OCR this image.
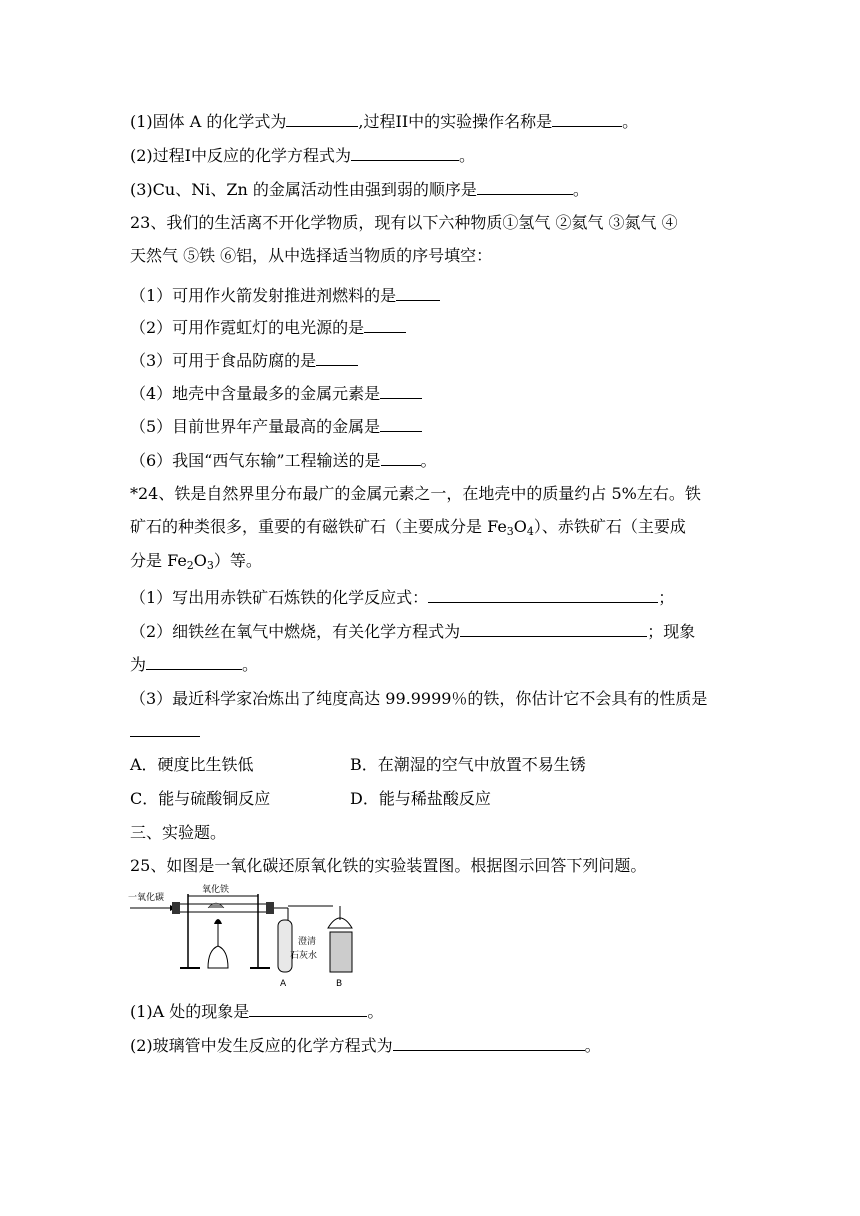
(1)固体 A 的化学式为	,过程II中的实验操作名称是	。
(2)过程I中反应的化学方程式为	。
(3)Cu、Ni、Zn 的金属活动性由强到弱的顺序是	。
23、我们的生活离不开化学物质，现有以下六种物质①氢气 ②氦气 ③氮气 ④
天然气 ⑤铁 ⑥铝，从中选择适当物质的序号填空：
（1）可用作火箭发射推进剂燃料的是
（2）可用作霓虹灯的电光源的是
（3）可用于食品防腐的是
（4）地壳中含量最多的金属元素是
（5）目前世界年产量最高的金属是
（6）我国“西气东输”工程输送的是	。
*24、铁是自然界里分布最广的金属元素之一，在地壳中的质量约占 5%左右。铁
矿石的种类很多，重要的有磁铁矿石（主要成分是 $Fe_3O_4$）、赤铁矿石（主要成
分是 $Fe_2O_3$）等。
（1）写出用赤铁矿石炼铁的化学反应式：	；
（2）细铁丝在氧气中燃烧，有关化学方程式为	；现象
为	。
（3）最近科学家冶炼出了纯度高达 99.9999％的铁，你估计它不会具有的性质是
A．硬度比生铁低	B．在潮湿的空气中放置不易生锈
C．能与硫酸铜反应	D．能与稀盐酸反应
三、实验题。
25、如图是一氧化碳还原氧化铁的实验装置图。根据图示回答下列问题。
一氧化碳
氧化铁
澄清
石灰水
A	B
(1)A 处的现象是	。
(2)玻璃管中发生反应的化学方程式为	。
